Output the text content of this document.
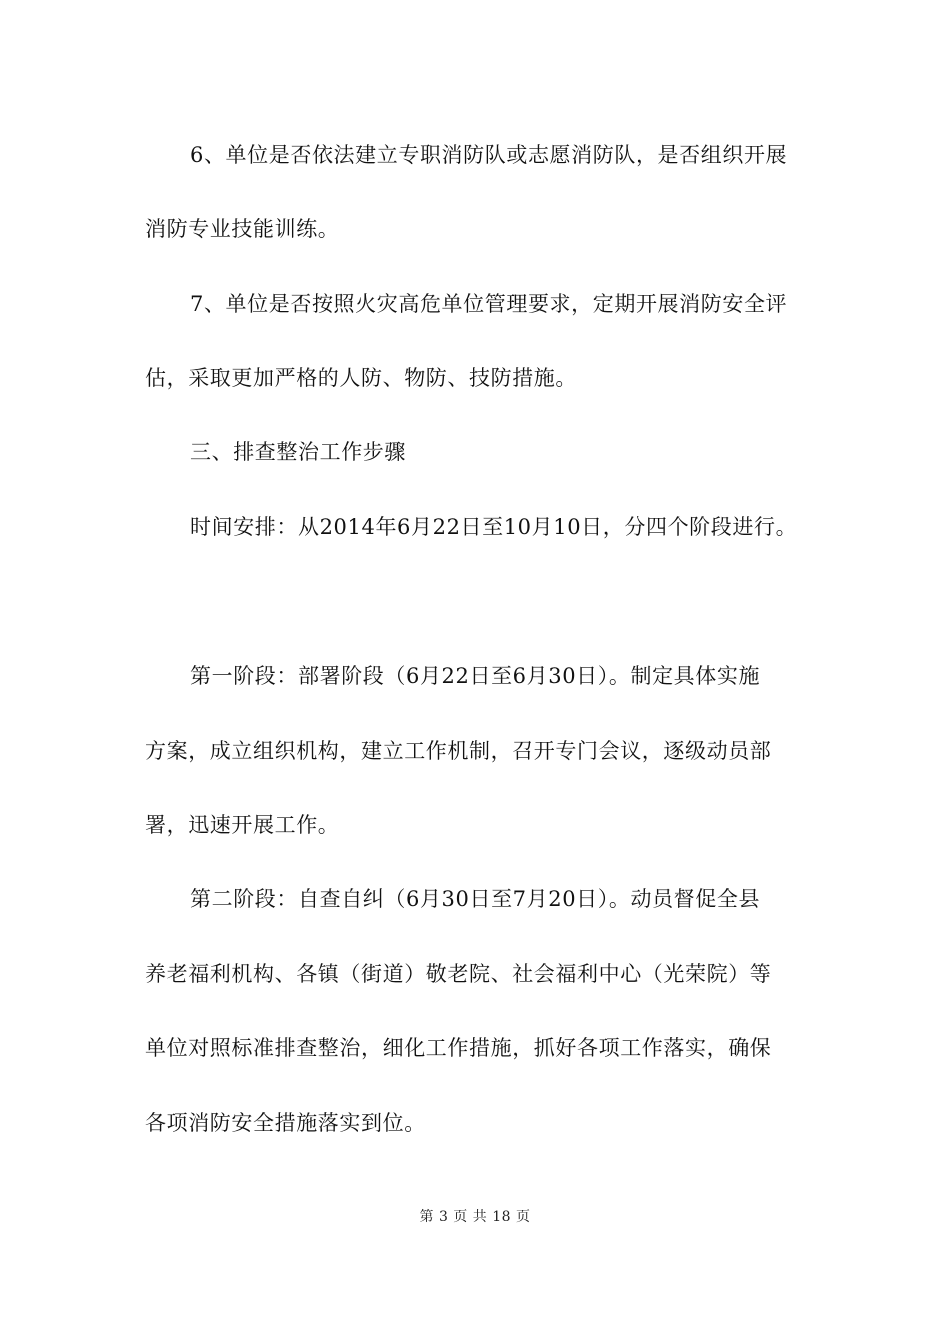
6、单位是否依法建立专职消防队或志愿消防队，是否组织开展
消防专业技能训练。
7、单位是否按照火灾高危单位管理要求，定期开展消防安全评
估，采取更加严格的人防、物防、技防措施。
三、排查整治工作步骤
时间安排：从2014年6月22日至10月10日，分四个阶段进行。
第一阶段：部署阶段（6月22日至6月30日）。制定具体实施
方案，成立组织机构，建立工作机制，召开专门会议，逐级动员部
署，迅速开展工作。
第二阶段：自查自纠（6月30日至7月20日）。动员督促全县
养老福利机构、各镇（街道）敬老院、社会福利中心（光荣院）等
单位对照标准排查整治，细化工作措施，抓好各项工作落实，确保
各项消防安全措施落实到位。
第 3 页 共 18 页
